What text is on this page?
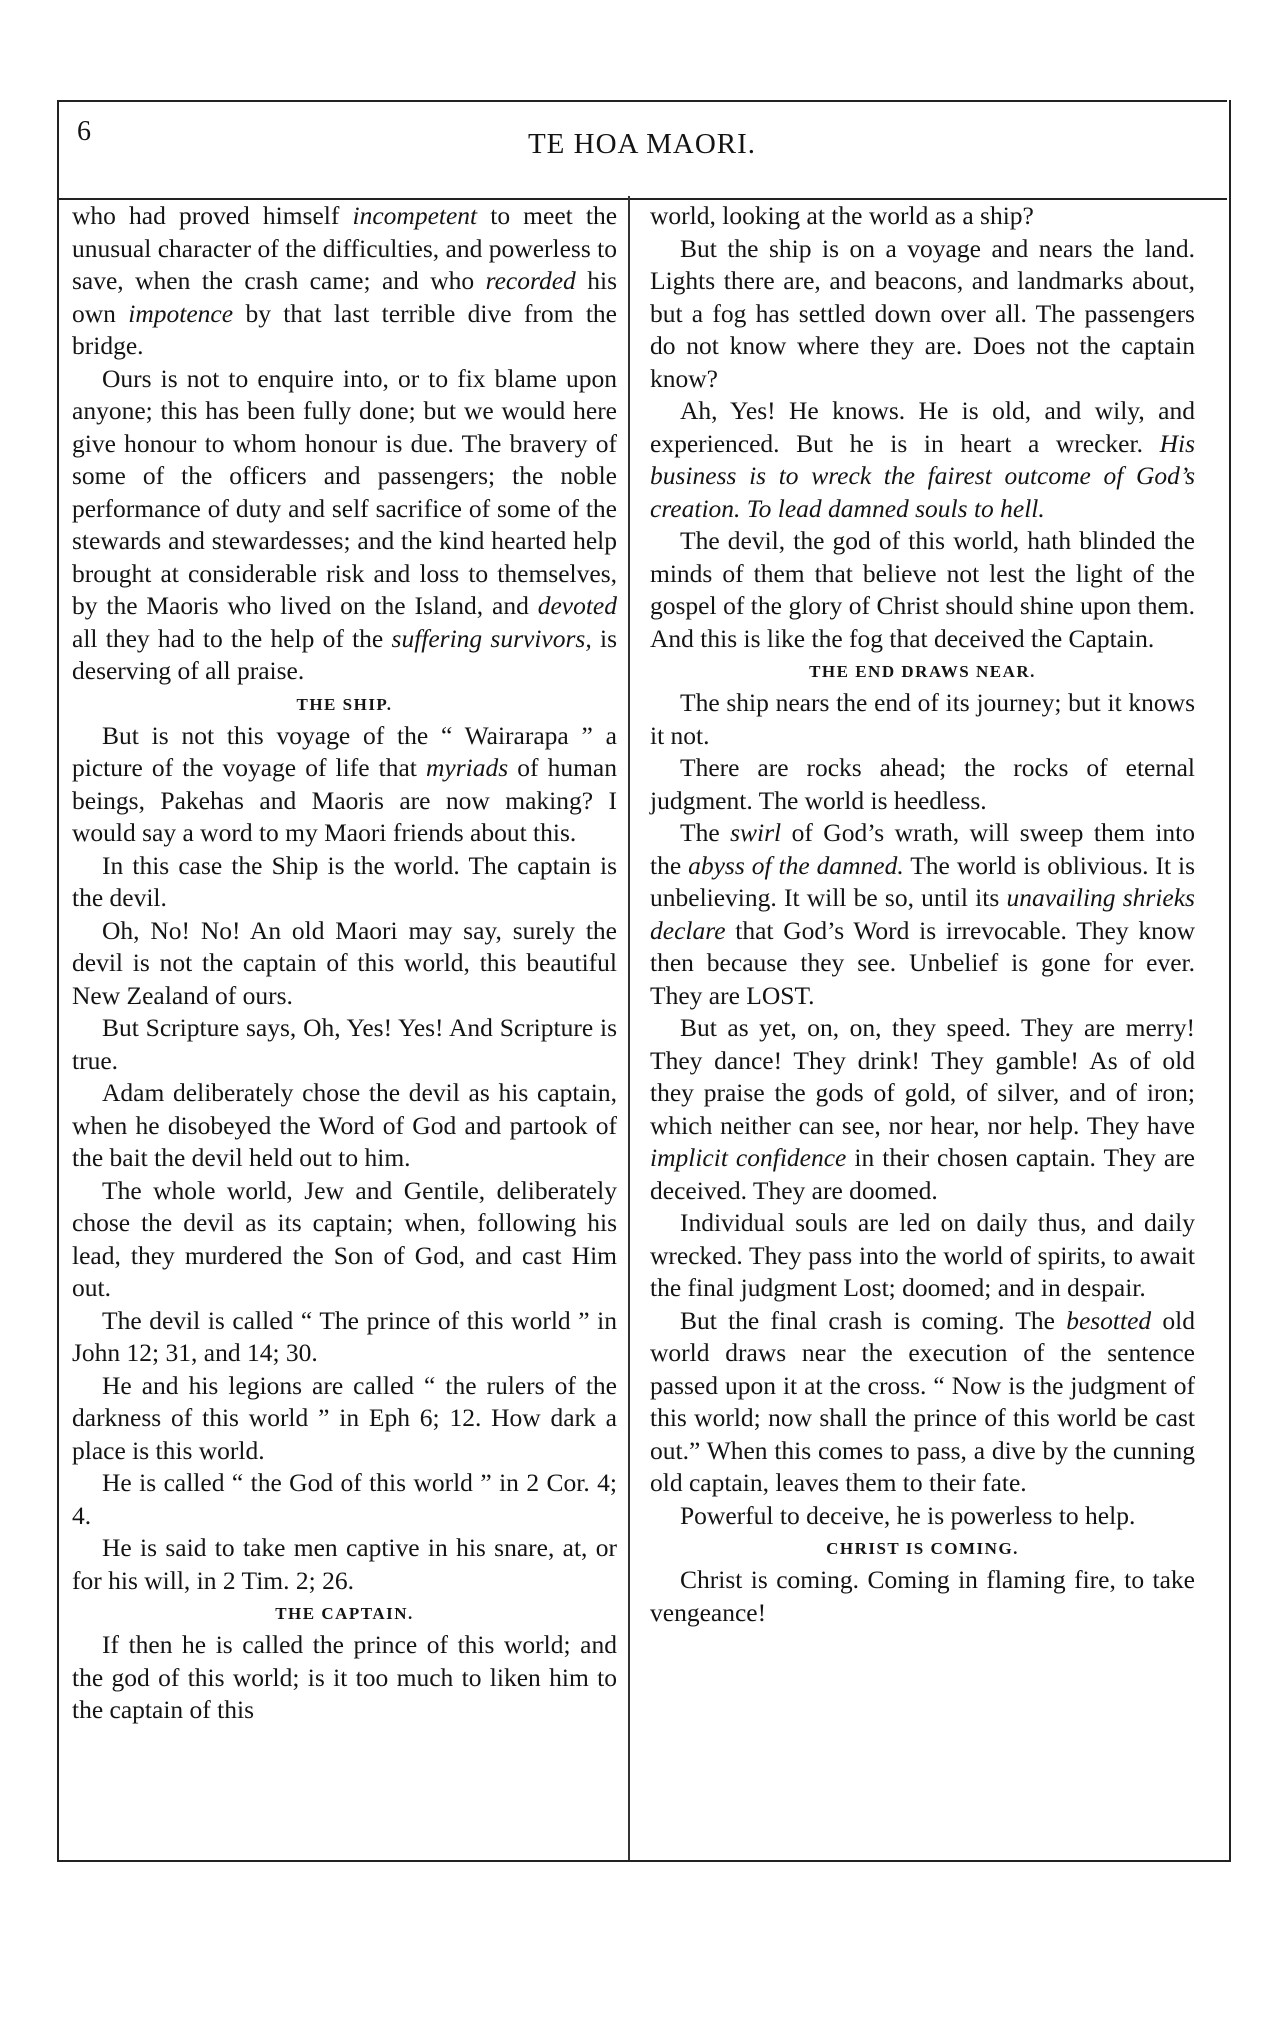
6	TE HOA MAORI.

who had proved himself incompetent to meet the unusual character of the difficulties, and powerless to save, when the crash came; and who recorded his own impotence by that last terrible dive from the bridge.

Ours is not to enquire into, or to fix blame upon anyone; this has been fully done; but we would here give honour to whom honour is due. The bravery of some of the officers and passengers; the noble performance of duty and self sacrifice of some of the stewards and stewardesses; and the kind hearted help brought at considerable risk and loss to themselves, by the Maoris who lived on the Island, and devoted all they had to the help of the suffering survivors, is deserving of all praise.

THE SHIP.

But is not this voyage of the “ Wairarapa ” a picture of the voyage of life that myriads of human beings, Pakehas and Maoris are now making? I would say a word to my Maori friends about this.

In this case the Ship is the world. The captain is the devil.

Oh, No! No! An old Maori may say, surely the devil is not the captain of this world, this beautiful New Zealand of ours.

But Scripture says, Oh, Yes! Yes! And Scripture is true.

Adam deliberately chose the devil as his captain, when he disobeyed the Word of God and partook of the bait the devil held out to him.

The whole world, Jew and Gentile, deliberately chose the devil as its captain; when, following his lead, they murdered the Son of God, and cast Him out.

The devil is called “ The prince of this world ” in John 12; 31, and 14; 30.

He and his legions are called “ the rulers of the darkness of this world ” in Eph 6; 12. How dark a place is this world.

He is called “ the God of this world ” in 2 Cor. 4; 4.

He is said to take men captive in his snare, at, or for his will, in 2 Tim. 2; 26.

THE CAPTAIN.

If then he is called the prince of this world; and the god of this world; is it too much to liken him to the captain of this

world, looking at the world as a ship?

But the ship is on a voyage and nears the land. Lights there are, and beacons, and landmarks about, but a fog has settled down over all. The passengers do not know where they are. Does not the captain know?

Ah, Yes! He knows. He is old, and wily, and experienced. But he is in heart a wrecker. His business is to wreck the fairest outcome of God’s creation. To lead damned souls to hell.

The devil, the god of this world, hath blinded the minds of them that believe not lest the light of the gospel of the glory of Christ should shine upon them. And this is like the fog that deceived the Captain.

THE END DRAWS NEAR.

The ship nears the end of its journey; but it knows it not.

There are rocks ahead; the rocks of eternal judgment. The world is heedless.

The swirl of God’s wrath, will sweep them into the abyss of the damned. The world is oblivious. It is unbelieving. It will be so, until its unavailing shrieks declare that God’s Word is irrevocable. They know then because they see. Unbelief is gone for ever. They are LOST.

But as yet, on, on, they speed. They are merry! They dance! They drink! They gamble! As of old they praise the gods of gold, of silver, and of iron; which neither can see, nor hear, nor help. They have implicit confidence in their chosen captain. They are deceived. They are doomed.

Individual souls are led on daily thus, and daily wrecked. They pass into the world of spirits, to await the final judgment Lost; doomed; and in despair.

But the final crash is coming. The besotted old world draws near the execution of the sentence passed upon it at the cross. “ Now is the judgment of this world; now shall the prince of this world be cast out.” When this comes to pass, a dive by the cunning old captain, leaves them to their fate.

Powerful to deceive, he is powerless to help.

CHRIST IS COMING.

Christ is coming. Coming in flaming fire, to take vengeance!
